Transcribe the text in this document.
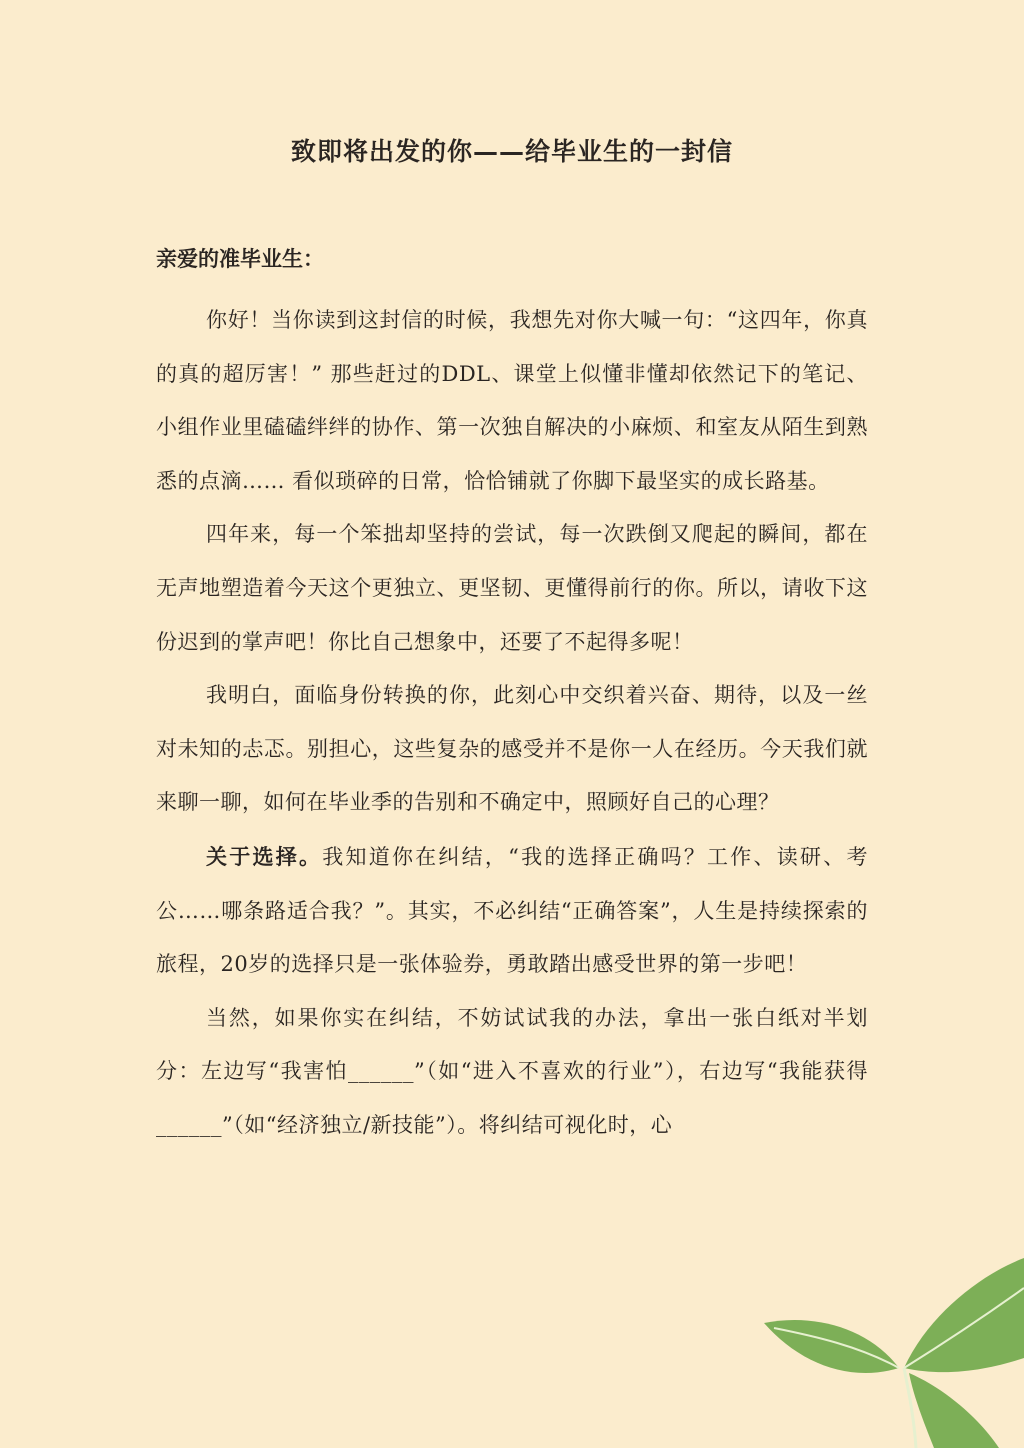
致即将出发的你——给毕业生的一封信

亲爱的准毕业生：

你好！当你读到这封信的时候，我想先对你大喊一句：“这四年，你真的真的超厉害！” 那些赶过的DDL、课堂上似懂非懂却依然记下的笔记、小组作业里磕磕绊绊的协作、第一次独自解决的小麻烦、和室友从陌生到熟悉的点滴…… 看似琐碎的日常，恰恰铺就了你脚下最坚实的成长路基。

四年来，每一个笨拙却坚持的尝试，每一次跌倒又爬起的瞬间，都在无声地塑造着今天这个更独立、更坚韧、更懂得前行的你。所以，请收下这份迟到的掌声吧！你比自己想象中，还要了不起得多呢！

我明白，面临身份转换的你，此刻心中交织着兴奋、期待，以及一丝对未知的忐忑。别担心，这些复杂的感受并不是你一人在经历。今天我们就来聊一聊，如何在毕业季的告别和不确定中，照顾好自己的心理？

关于选择。我知道你在纠结，“我的选择正确吗？工作、读研、考公……哪条路适合我？”。其实，不必纠结“正确答案”，人生是持续探索的旅程，20岁的选择只是一张体验券，勇敢踏出感受世界的第一步吧！

当然，如果你实在纠结，不妨试试我的办法，拿出一张白纸对半划分：左边写“我害怕______”（如“进入不喜欢的行业”），右边写“我能获得______”（如“经济独立/新技能”）。将纠结可视化时，心
